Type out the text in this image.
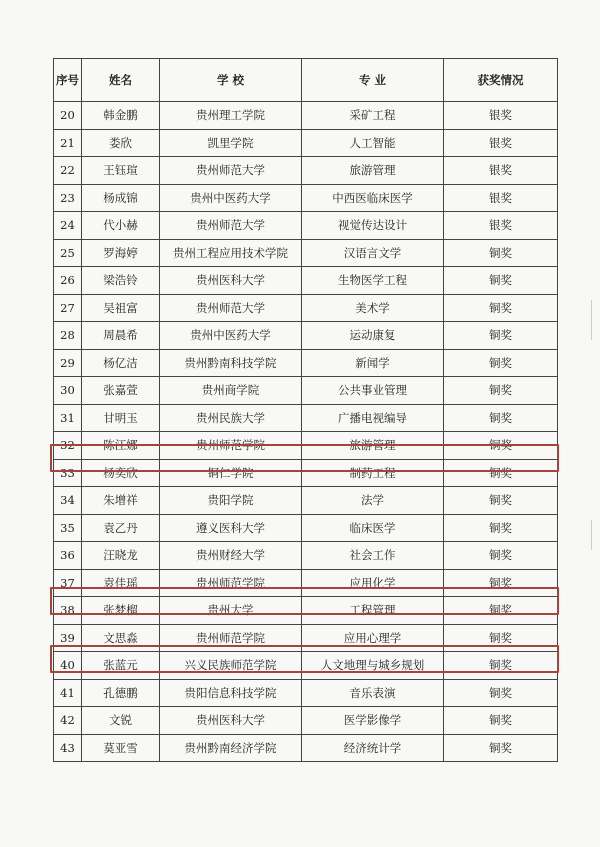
序号	姓名	学 校	专 业	获奖情况
20	韩金鹏	贵州理工学院	采矿工程	银奖
21	娄欣	凯里学院	人工智能	银奖
22	王钰瑄	贵州师范大学	旅游管理	银奖
23	杨成锦	贵州中医药大学	中西医临床医学	银奖
24	代小赫	贵州师范大学	视觉传达设计	银奖
25	罗海婷	贵州工程应用技术学院	汉语言文学	铜奖
26	梁浩铃	贵州医科大学	生物医学工程	铜奖
27	吴祖富	贵州师范大学	美术学	铜奖
28	周晨希	贵州中医药大学	运动康复	铜奖
29	杨亿洁	贵州黔南科技学院	新闻学	铜奖
30	张嘉萱	贵州商学院	公共事业管理	铜奖
31	甘明玉	贵州民族大学	广播电视编导	铜奖
32	陈江娜	贵州师范学院	旅游管理	铜奖
33	杨奕欣	铜仁学院	制药工程	铜奖
34	朱增祥	贵阳学院	法学	铜奖
35	袁乙丹	遵义医科大学	临床医学	铜奖
36	汪晓龙	贵州财经大学	社会工作	铜奖
37	袁佳瑶	贵州师范学院	应用化学	铜奖
38	张梦榴	贵州大学	工程管理	铜奖
39	文思淼	贵州师范学院	应用心理学	铜奖
40	张蓝元	兴义民族师范学院	人文地理与城乡规划	铜奖
41	孔德鹏	贵阳信息科技学院	音乐表演	铜奖
42	文锐	贵州医科大学	医学影像学	铜奖
43	莫亚雪	贵州黔南经济学院	经济统计学	铜奖
